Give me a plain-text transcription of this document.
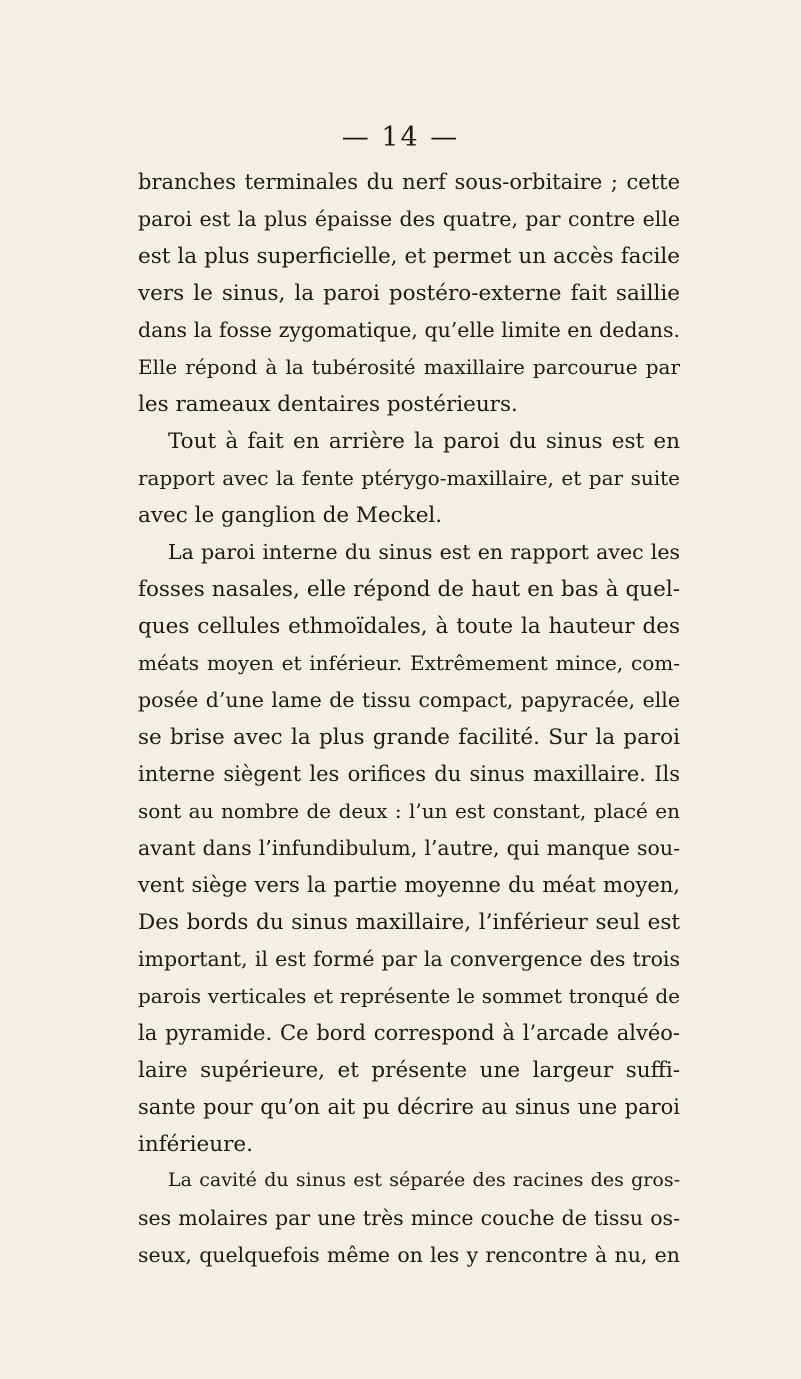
— 14 —
branches terminales du nerf sous-orbitaire ; cette
paroi est la plus épaisse des quatre, par contre elle
est la plus superficielle, et permet un accès facile
vers le sinus, la paroi postéro-externe fait saillie
dans la fosse zygomatique, qu’elle limite en dedans.
Elle répond à la tubérosité maxillaire parcourue par
les rameaux dentaires postérieurs.
Tout à fait en arrière la paroi du sinus est en
rapport avec la fente ptérygo-maxillaire, et par suite
avec le ganglion de Meckel.
La paroi interne du sinus est en rapport avec les
fosses nasales, elle répond de haut en bas à quel-
ques cellules ethmoïdales, à toute la hauteur des
méats moyen et inférieur. Extrêmement mince, com-
posée d’une lame de tissu compact, papyracée, elle
se brise avec la plus grande facilité. Sur la paroi
interne siègent les orifices du sinus maxillaire. Ils
sont au nombre de deux : l’un est constant, placé en
avant dans l’infundibulum, l’autre, qui manque sou-
vent siège vers la partie moyenne du méat moyen,
Des bords du sinus maxillaire, l’inférieur seul est
important, il est formé par la convergence des trois
parois verticales et représente le sommet tronqué de
la pyramide. Ce bord correspond à l’arcade alvéo-
laire supérieure, et présente une largeur suffi-
sante pour qu’on ait pu décrire au sinus une paroi
inférieure.
La cavité du sinus est séparée des racines des gros-
ses molaires par une très mince couche de tissu os-
seux, quelquefois même on les y rencontre à nu, en
